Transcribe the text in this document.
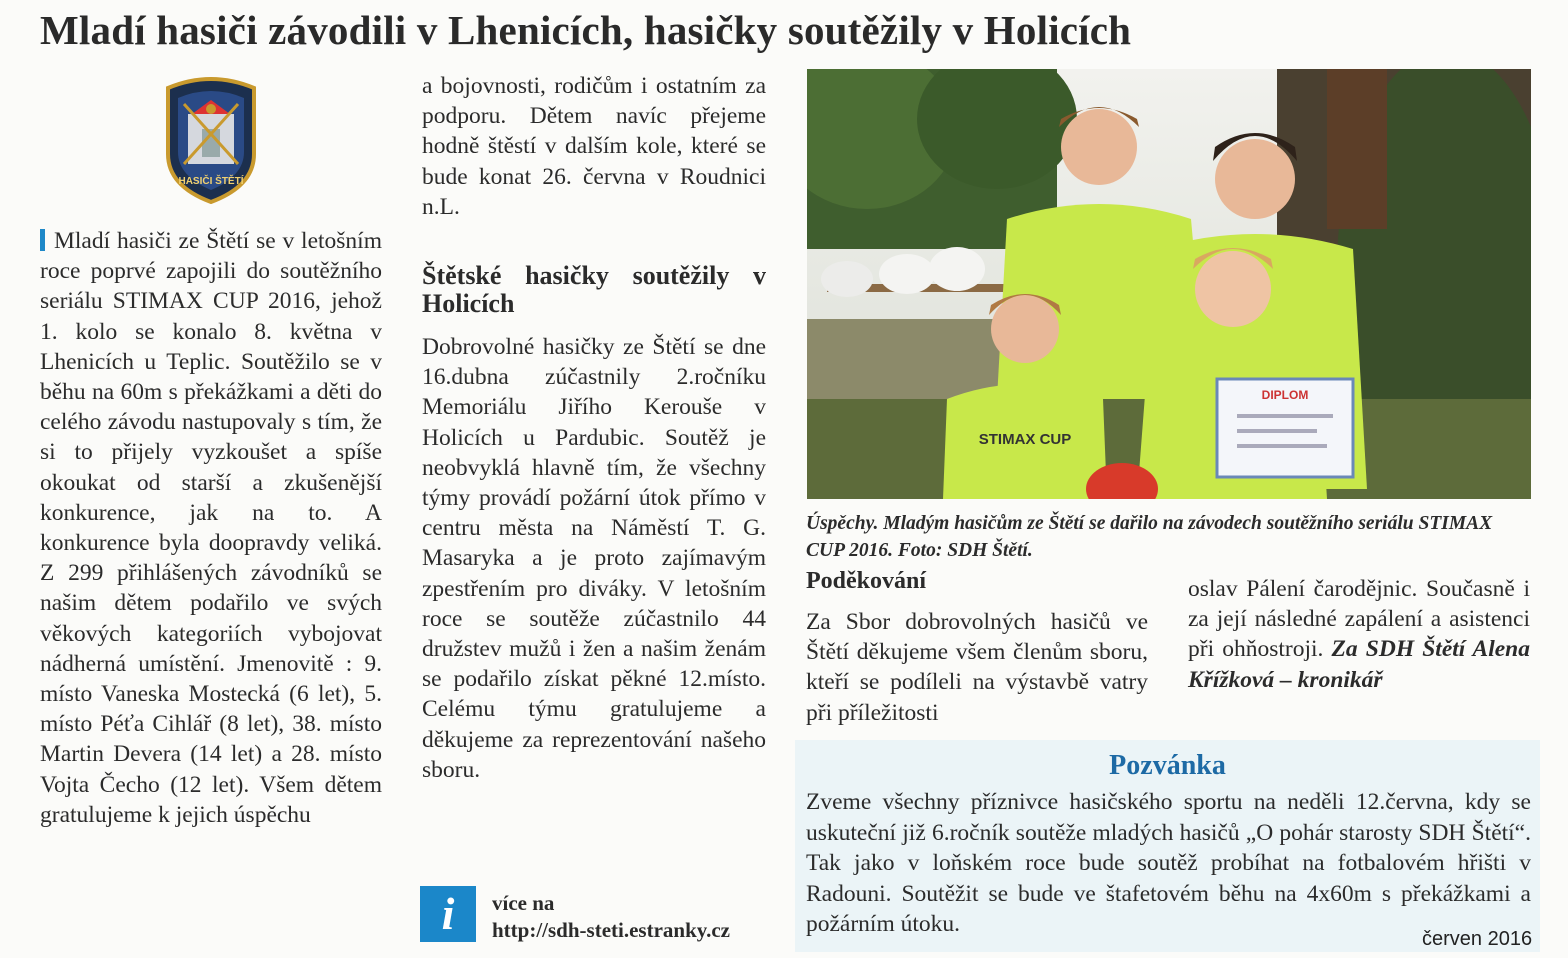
Mladí hasiči závodili v Lhenicích, hasičky soutěžily v Holicích
HASIČI ŠTĚTÍ

Mladí hasiči ze Štětí se v letošním roce poprvé zapojili do soutěžního seriálu STIMAX CUP 2016, jehož 1. kolo se konalo 8. května v Lhenicích u Teplic. Soutěžilo se v běhu na 60m s překážkami a děti do celého závodu nastupovaly s tím, že si to přijely vyzkoušet a spíše okoukat od starší a zkušenější konkurence, jak na to. A konkurence byla doopravdy veliká. Z 299 přihlášených závodníků se našim dětem podařilo ve svých věkových kategoriích vybojovat nádherná umístění. Jmenovitě : 9. místo Vaneska Mostecká (6 let), 5. místo Péťa Cihlář (8 let), 38. místo Martin Devera (14 let) a 28. místo Vojta Čecho (12 let). Všem dětem gratulujeme k jejich úspěchu

a bojovnosti, rodičům i ostatním za podporu. Dětem navíc přejeme hodně štěstí v dalším kole, které se bude konat 26. června v Roudnici n.L.

Štětské hasičky soutěžily v Holicích

Dobrovolné hasičky ze Štětí se dne 16.dubna zúčastnily 2.ročníku Memoriálu Jiřího Kerouše v Holicích u Pardubic. Soutěž je neobvyklá hlavně tím, že všechny týmy provádí požární útok přímo v centru města na Náměstí T. G. Masaryka a je proto zajímavým zpestřením pro diváky. V letošním roce se soutěže zúčastnilo 44 družstev mužů i žen a našim ženám se podařilo získat pěkné 12.místo. Celému týmu gratulujeme a děkujeme za reprezentování našeho sboru.

i	více na
http://sdh-steti.estranky.cz
STIMAX CUP
DIPLOM
Úspěchy. Mladým hasičům ze Štětí se dařilo na závodech soutěžního seriálu STIMAX CUP 2016. Foto: SDH Štětí.
Poděkování

Za Sbor dobrovolných hasičů ve Štětí děkujeme všem členům sboru, kteří se podíleli na výstavbě vatry při příležitosti

oslav Pálení čarodějnic. Současně i za její následné zapálení a asistenci při ohňostroji. Za SDH Štětí Alena Křížková – kronikář

Pozvánka
Zveme všechny příznivce hasičského sportu na neděli 12.června, kdy se uskuteční již 6.ročník soutěže mladých hasičů „O pohár starosty SDH Štětí“. Tak jako v loňském roce bude soutěž probíhat na fotbalovém hřišti v Radouni. Soutěžit se bude ve štafetovém běhu na 4x60m s překážkami a požárním útoku.
červen 2016
